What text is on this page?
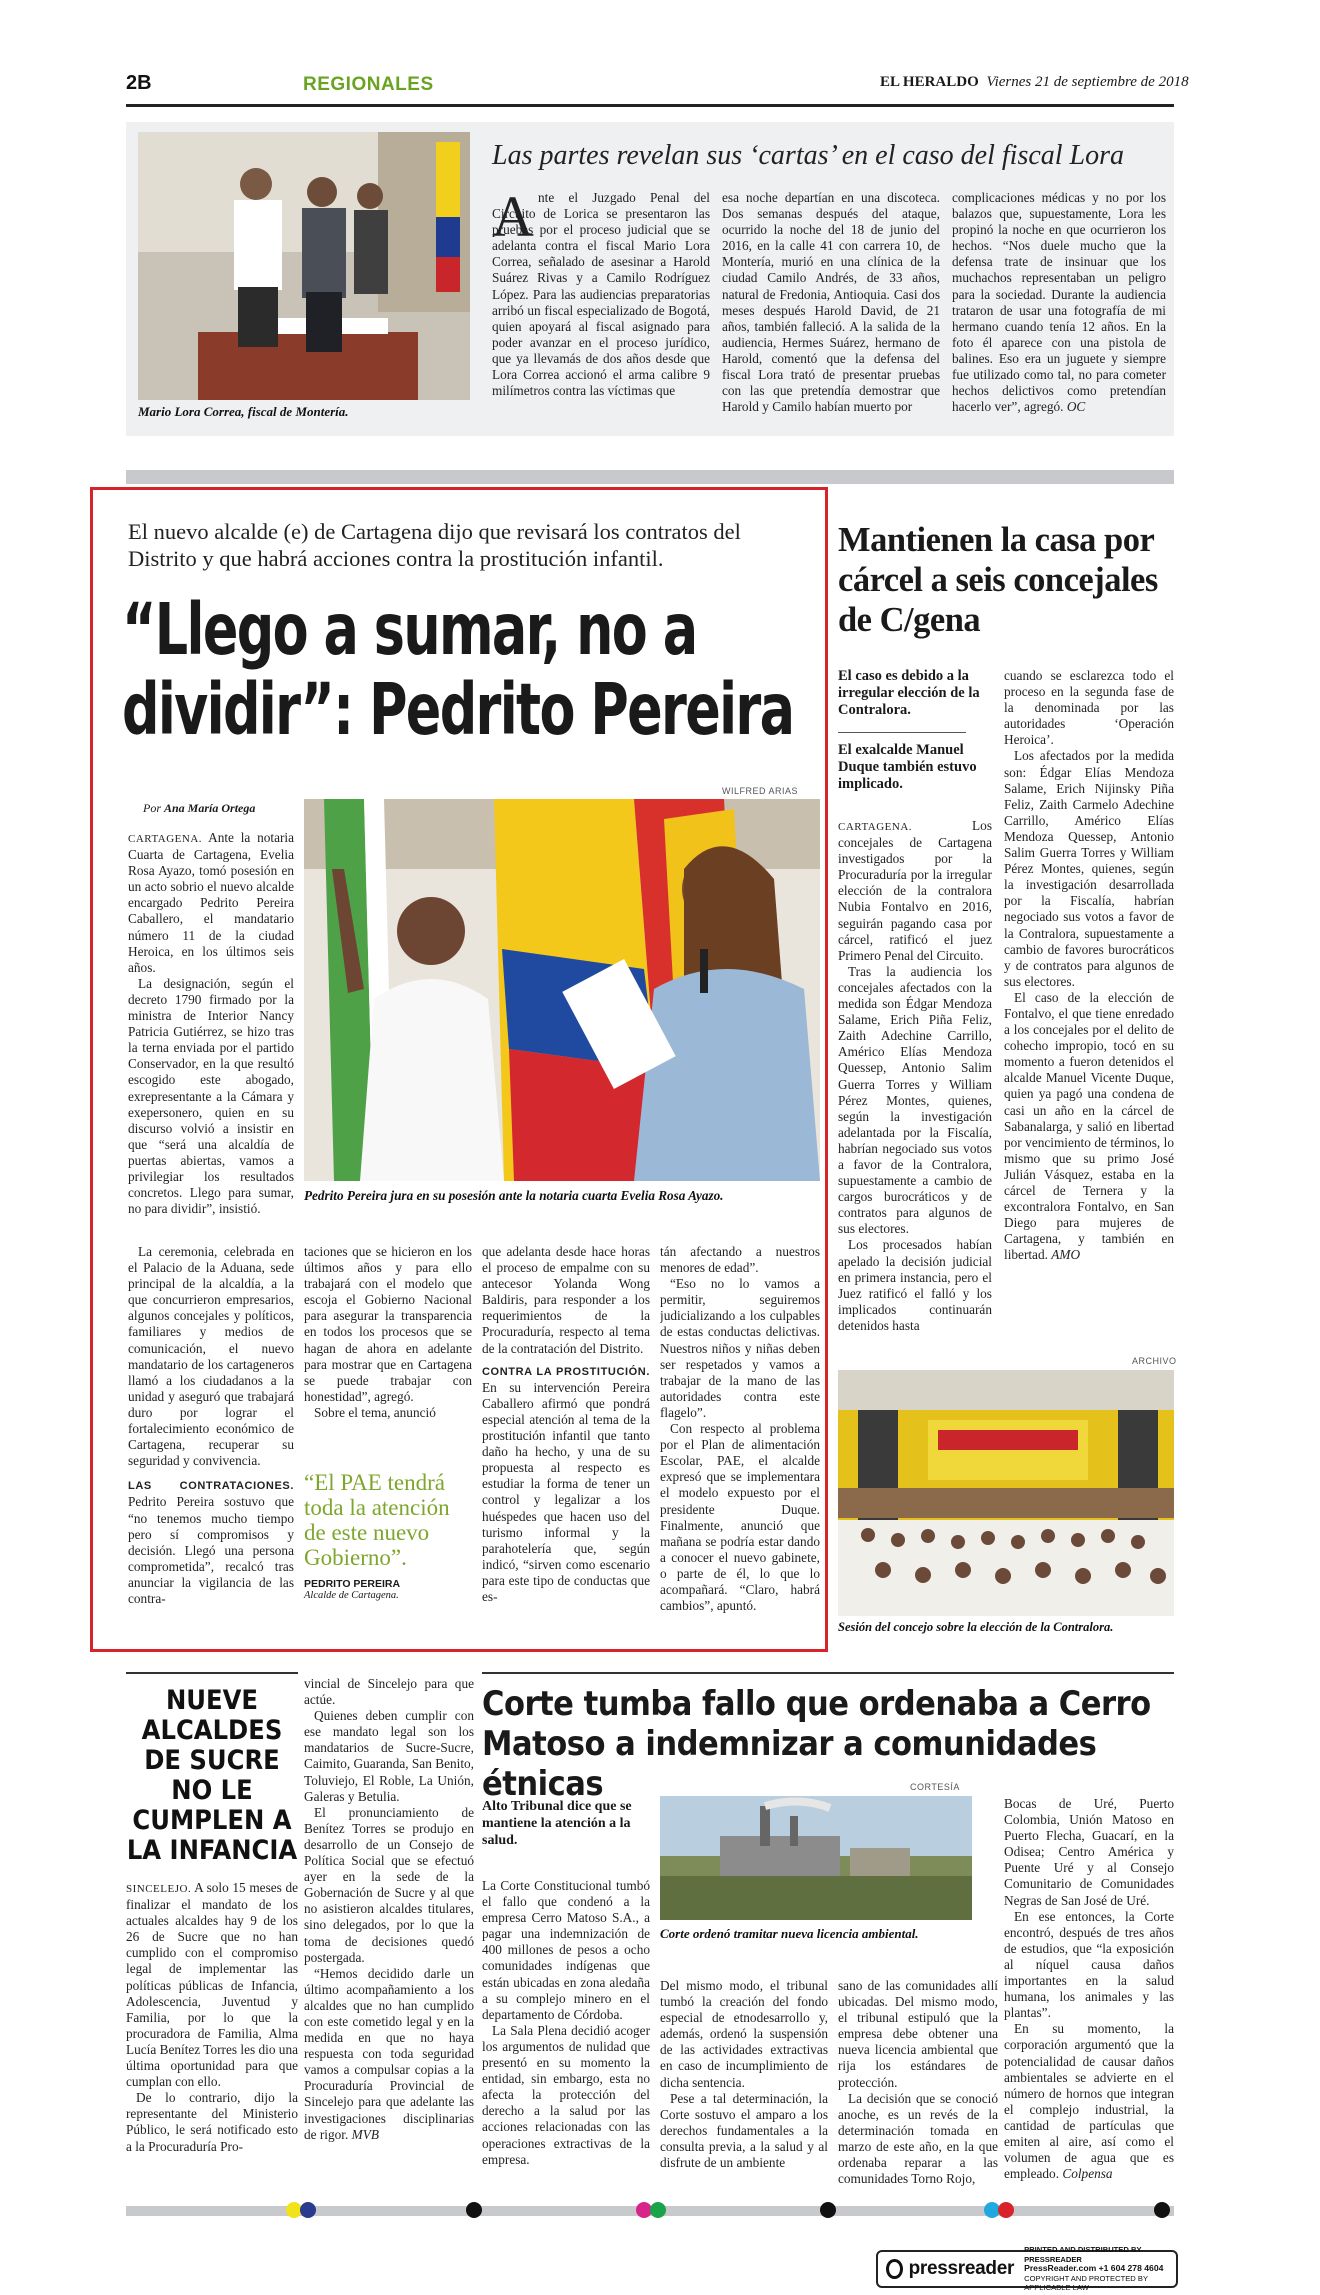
2B	REGIONALES	EL HERALDO Viernes 21 de septiembre de 2018
Mario Lora Correa, fiscal de Montería.
Las partes revelan sus ‘cartas’ en el caso del fiscal Lora
A nte el Juzgado Penal del Circuito de Lorica se presentaron las pruebas por el proceso judicial que se adelanta contra el fiscal Mario Lora Correa, señalado de asesinar a Harold Suárez Rivas y a Camilo Rodríguez López. Para las audiencias preparatorias arribó un fiscal especializado de Bogotá, quien apoyará al fiscal asignado para poder avanzar en el proceso jurídico, que ya llevamás de dos años desde que Lora Correa accionó el arma calibre 9 milímetros contra las víctimas que

esa noche departían en una discoteca. Dos semanas después del ataque, ocurrido la noche del 18 de junio del 2016, en la calle 41 con carrera 10, de Montería, murió en una clínica de la ciudad Camilo Andrés, de 33 años, natural de Fredonia, Antioquia. Casi dos meses después Harold David, de 21 años, también falleció. A la salida de la audiencia, Hermes Suárez, hermano de Harold, comentó que la defensa del fiscal Lora trató de presentar pruebas con las que pretendía demostrar que Harold y Camilo habían muerto por

complicaciones médicas y no por los balazos que, supuestamente, Lora les propinó la noche en que ocurrieron los hechos. “Nos duele mucho que la defensa trate de insinuar que los muchachos representaban un peligro para la sociedad. Durante la audiencia trataron de usar una fotografía de mi hermano cuando tenía 12 años. En la foto él aparece con una pistola de balines. Eso era un juguete y siempre fue utilizado como tal, no para cometer hechos delictivos como pretendían hacerlo ver”, agregó. OC

El nuevo alcalde (e) de Cartagena dijo que revisará los contratos del Distrito y que habrá acciones contra la prostitución infantil.
“Llego a sumar, no a
dividir”: Pedrito Pereira
Por Ana María Ortega
WILFRED ARIAS
Pedrito Pereira jura en su posesión ante la notaria cuarta Evelia Rosa Ayazo.

CARTAGENA. Ante la notaria Cuarta de Cartagena, Evelia Rosa Ayazo, tomó posesión en un acto sobrio el nuevo alcalde encargado Pedrito Pereira Caballero, el mandatario número 11 de la ciudad Heroica, en los últimos seis años.

La designación, según el decreto 1790 firmado por la ministra de Interior Nancy Patricia Gutiérrez, se hizo tras la terna enviada por el partido Conservador, en la que resultó escogido este abogado, exrepresentante a la Cámara y exepersonero, quien en su discurso volvió a insistir en que “será una alcaldía de puertas abiertas, vamos a privilegiar los resultados concretos. Llego para sumar, no para dividir”, insistió.

La ceremonia, celebrada en el Palacio de la Aduana, sede principal de la alcaldía, a la que concurrieron empresarios, algunos concejales y políticos, familiares y medios de comunicación, el nuevo mandatario de los cartageneros llamó a los ciudadanos a la unidad y aseguró que trabajará duro por lograr el fortalecimiento económico de Cartagena, recuperar su seguridad y convivencia.

LAS CONTRATACIONES. Pedrito Pereira sostuvo que “no tenemos mucho tiempo pero sí compromisos y decisión. Llegó una persona comprometida”, recalcó tras anunciar la vigilancia de las contra-

taciones que se hicieron en los últimos años y para ello trabajará con el modelo que escoja el Gobierno Nacional para asegurar la transparencia en todos los procesos que se hagan de ahora en adelante para mostrar que en Cartagena se puede trabajar con honestidad”, agregó.

Sobre el tema, anunció

“El PAE tendrá toda la atención de este nuevo Gobierno”.
PEDRITO PEREIRA
Alcalde de Cartagena.

que adelanta desde hace horas el proceso de empalme con su antecesor Yolanda Wong Baldiris, para responder a los requerimientos de la Procuraduría, respecto al tema de la contratación del Distrito.

CONTRA LA PROSTITUCIÓN. En su intervención Pereira Caballero afirmó que pondrá especial atención al tema de la prostitución infantil que tanto daño ha hecho, y una de su propuesta al respecto es estudiar la forma de tener un control y legalizar a los huéspedes que hacen uso del turismo informal y la parahotelería que, según indicó, “sirven como escenario para este tipo de conductas que es-

tán afectando a nuestros menores de edad”.

“Eso no lo vamos a permitir, seguiremos judicializando a los culpables de estas conductas delictivas. Nuestros niños y niñas deben ser respetados y vamos a trabajar de la mano de las autoridades contra este flagelo”.

Con respecto al problema por el Plan de alimentación Escolar, PAE, el alcalde expresó que se implementara el modelo expuesto por el presidente Duque. Finalmente, anunció que mañana se podría estar dando a conocer el nuevo gabinete, o parte de él, lo que lo acompañará. “Claro, habrá cambios”, apuntó.

Mantienen la casa por cárcel a seis concejales de C/gena
El caso es debido a la irregular elección de la Contralora.
El exalcalde Manuel Duque también estuvo implicado.

CARTAGENA.	Los concejales de Cartagena investigados por la Procuraduría por la irregular elección de la contralora Nubia Fontalvo en 2016, seguirán pagando casa por cárcel, ratificó el juez Primero Penal del Circuito.

Tras la audiencia los concejales afectados con la medida son Édgar Mendoza Salame, Erich Piña Feliz, Zaith Adechine Carrillo, Américo Elías Mendoza Quessep, Antonio Salim Guerra Torres y William Pérez Montes, quienes, según la investigación adelantada por la Fiscalía, habrían negociado sus votos a favor de la Contralora, supuestamente a cambio de cargos burocráticos y de contratos para algunos de sus electores.

Los procesados habían apelado la decisión judicial en primera instancia, pero el Juez ratificó el falló y los implicados continuarán detenidos hasta

cuando se esclarezca todo el proceso en la segunda fase de la denominada por las autoridades ‘Operación Heroica’.

Los afectados por la medida son: Édgar Elías Mendoza Salame, Erich Nijinsky Piña Feliz, Zaith Carmelo Adechine Carrillo, Américo Elías Mendoza Quessep, Antonio Salim Guerra Torres y William Pérez Montes, quienes, según la investigación desarrollada por la Fiscalía, habrían negociado sus votos a favor de la Contralora, supuestamente a cambio de favores burocráticos y de contratos para algunos de sus electores.

El caso de la elección de Fontalvo, el que tiene enredado a los concejales por el delito de cohecho impropio, tocó en su momento a fueron detenidos el alcalde Manuel Vicente Duque, quien ya pagó una condena de casi un año en la cárcel de Sabanalarga, y salió en libertad por vencimiento de términos, lo mismo que su primo José Julián Vásquez, estaba en la cárcel de Ternera y la excontralora Fontalvo, en San Diego para mujeres de Cartagena, y también en libertad. AMO

ARCHIVO
Sesión del concejo sobre la elección de la Contralora.
NUEVE ALCALDES DE SUCRE NO LE CUMPLEN A LA INFANCIA

SINCELEJO. A solo 15 meses de finalizar el mandato de los actuales alcaldes hay 9 de los 26 de Sucre que no han cumplido con el compromiso legal de implementar las políticas públicas de Infancia, Adolescencia, Juventud y Familia, por lo que la procuradora de Familia, Alma Lucía Benítez Torres les dio una última oportunidad para que cumplan con ello.

De lo contrario, dijo la representante del Ministerio Público, le será notificado esto a la Procuraduría Pro-

vincial de Sincelejo para que actúe.

Quienes deben cumplir con ese mandato legal son los mandatarios de Sucre-Sucre, Caimito, Guaranda, San Benito, Toluviejo, El Roble, La Unión, Galeras y Betulia.

El pronunciamiento de Benítez Torres se produjo en desarrollo de un Consejo de Política Social que se efectuó ayer en la sede de la Gobernación de Sucre y al que no asistieron alcaldes titulares, sino delegados, por lo que la toma de decisiones quedó postergada.

“Hemos decidido darle un último acompañamiento a los alcaldes que no han cumplido con este cometido legal y en la medida en que no haya respuesta con toda seguridad vamos a compulsar copias a la Procuraduría Provincial de Sincelejo para que adelante las investigaciones disciplinarias de rigor. MVB

Corte tumba fallo que ordenaba a Cerro Matoso a indemnizar a comunidades étnicas
Alto Tribunal dice que se mantiene la atención a la salud.
CORTESÍA
Corte ordenó tramitar nueva licencia ambiental.

La Corte Constitucional tumbó el fallo que condenó a la empresa Cerro Matoso S.A., a pagar una indemnización de 400 millones de pesos a ocho comunidades indígenas que están ubicadas en zona aledaña a su complejo minero en el departamento de Córdoba.

La Sala Plena decidió acoger los argumentos de nulidad que presentó en su momento la entidad, sin embargo, esta no afecta la protección del derecho a la salud por las acciones relacionadas con las operaciones extractivas de la empresa.

Del mismo modo, el tribunal tumbó la creación del fondo especial de etnodesarrollo y, además, ordenó la suspensión de las actividades extractivas en caso de incumplimiento de dicha sentencia.

Pese a tal determinación, la Corte sostuvo el amparo a los derechos fundamentales a la consulta previa, a la salud y al disfrute de un ambiente

sano de las comunidades allí ubicadas. Del mismo modo, el tribunal estipuló que la empresa debe obtener una nueva licencia ambiental que rija los estándares de protección.

La decisión que se conoció anoche, es un revés de la determinación tomada en marzo de este año, en la que ordenaba reparar a las comunidades Torno Rojo,

Bocas de Uré, Puerto Colombia, Unión Matoso en Puerto Flecha, Guacarí, en la Odisea; Centro América y Puente Uré y al Consejo Comunitario de Comunidades Negras de San José de Uré.

En ese entonces, la Corte encontró, después de tres años de estudios, que “la exposición al níquel causa daños importantes en la salud humana, los animales y las plantas”.

En su momento, la corporación argumentó que la potencialidad de causar daños ambientales se advierte en el número de hornos que integran el complejo industrial, la cantidad de partículas que emiten al aire, así como el volumen de agua que es empleado. Colpensa

pressreader
PRINTED AND DISTRIBUTED BY PRESSREADER
PressReader.com +1 604 278 4604
COPYRIGHT AND PROTECTED BY APPLICABLE LAW
